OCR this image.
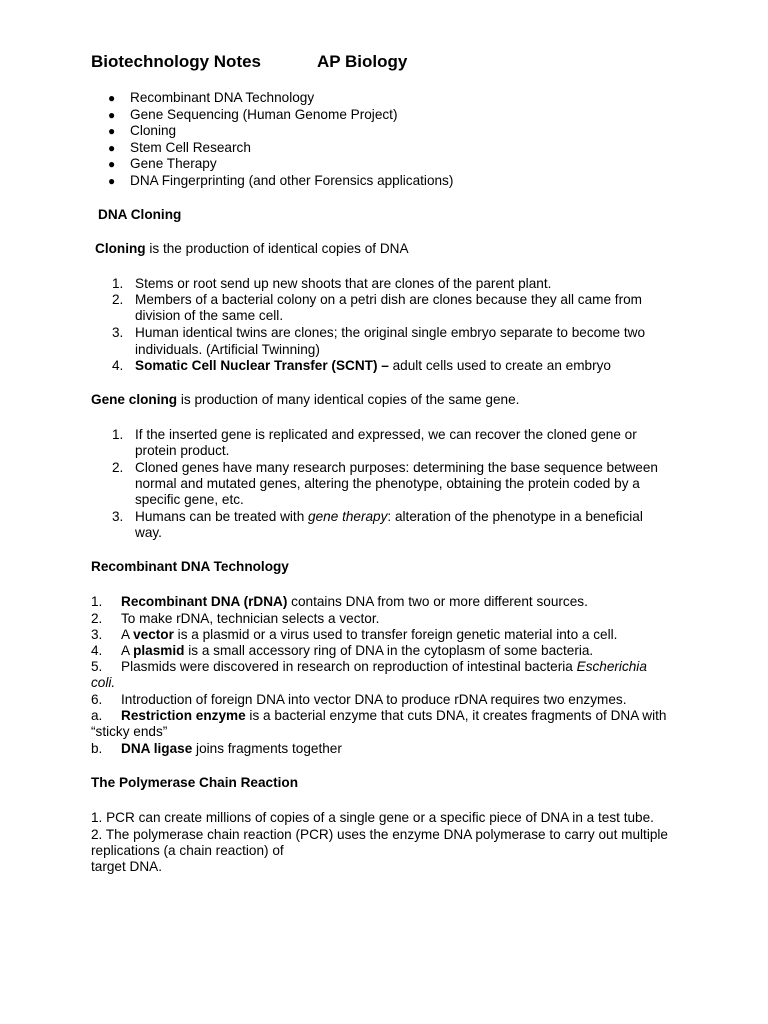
Biotechnology Notes	AP Biology
● Recombinant DNA Technology
● Gene Sequencing (Human Genome Project)
● Cloning
● Stem Cell Research
● Gene Therapy
● DNA Fingerprinting (and other Forensics applications)
DNA Cloning
Cloning is the production of identical copies of DNA
1. Stems or root send up new shoots that are clones of the parent plant.
2. Members of a bacterial colony on a petri dish are clones because they all came from
division of the same cell.
3. Human identical twins are clones; the original single embryo separate to become two
individuals. (Artificial Twinning)
4. Somatic Cell Nuclear Transfer (SCNT) – adult cells used to create an embryo
Gene cloning is production of many identical copies of the same gene.
1. If the inserted gene is replicated and expressed, we can recover the cloned gene or
protein product.
2. Cloned genes have many research purposes: determining the base sequence between
normal and mutated genes, altering the phenotype, obtaining the protein coded by a
specific gene, etc.
3. Humans can be treated with gene therapy: alteration of the phenotype in a beneficial
way.
Recombinant DNA Technology
1. Recombinant DNA (rDNA) contains DNA from two or more different sources.
2. To make rDNA, technician selects a vector.
3. A vector is a plasmid or a virus used to transfer foreign genetic material into a cell.
4. A plasmid is a small accessory ring of DNA in the cytoplasm of some bacteria.
5. Plasmids were discovered in research on reproduction of intestinal bacteria Escherichia
coli.
6. Introduction of foreign DNA into vector DNA to produce rDNA requires two enzymes.
a. Restriction enzyme is a bacterial enzyme that cuts DNA, it creates fragments of DNA with
“sticky ends”
b. DNA ligase joins fragments together
The Polymerase Chain Reaction
1. PCR can create millions of copies of a single gene or a specific piece of DNA in a test tube.
2. The polymerase chain reaction (PCR) uses the enzyme DNA polymerase to carry out multiple
replications (a chain reaction) of
target DNA.
